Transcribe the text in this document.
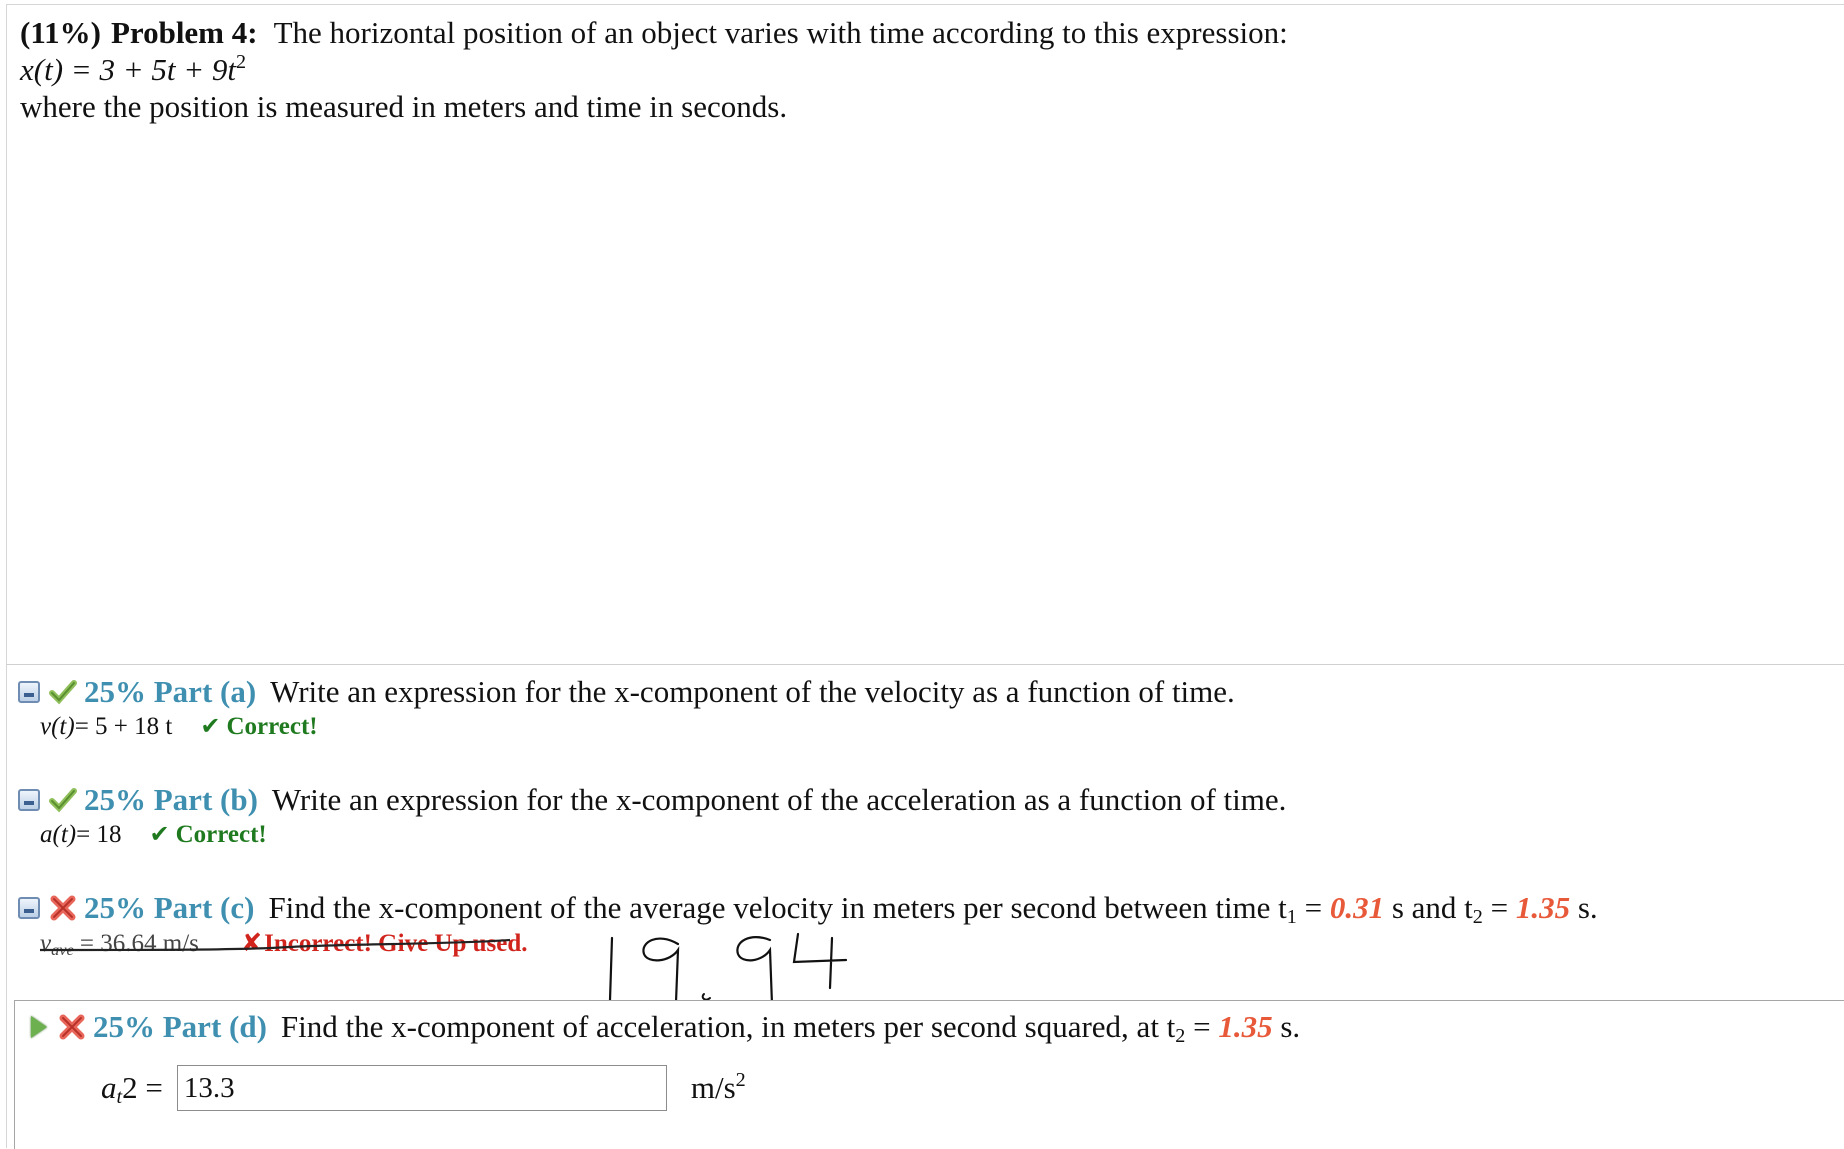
(11%) Problem 4: The horizontal position of an object varies with time according to this expression:
$x(t) = 3 + 5t + 9t^2$
where the position is measured in meters and time in seconds.
25% Part (a) Write an expression for the x-component of the velocity as a function of time.
v(t) = 5 + 18 t	✔ Correct!
25% Part (b) Write an expression for the x-component of the acceleration as a function of time.
a(t) = 18	✔ Correct!
25% Part (c) Find the x-component of the average velocity in meters per second between time $t_1 = 0.31$ s and $t_2 = 1.35$ s.
$v_{ave} = 36.64$ m/s	✘ Incorrect! Give Up used.
25% Part (d) Find the x-component of acceleration, in meters per second squared, at $t_2 = 1.35$ s.
$a_t2$ =
13.3	$m/s^2$
